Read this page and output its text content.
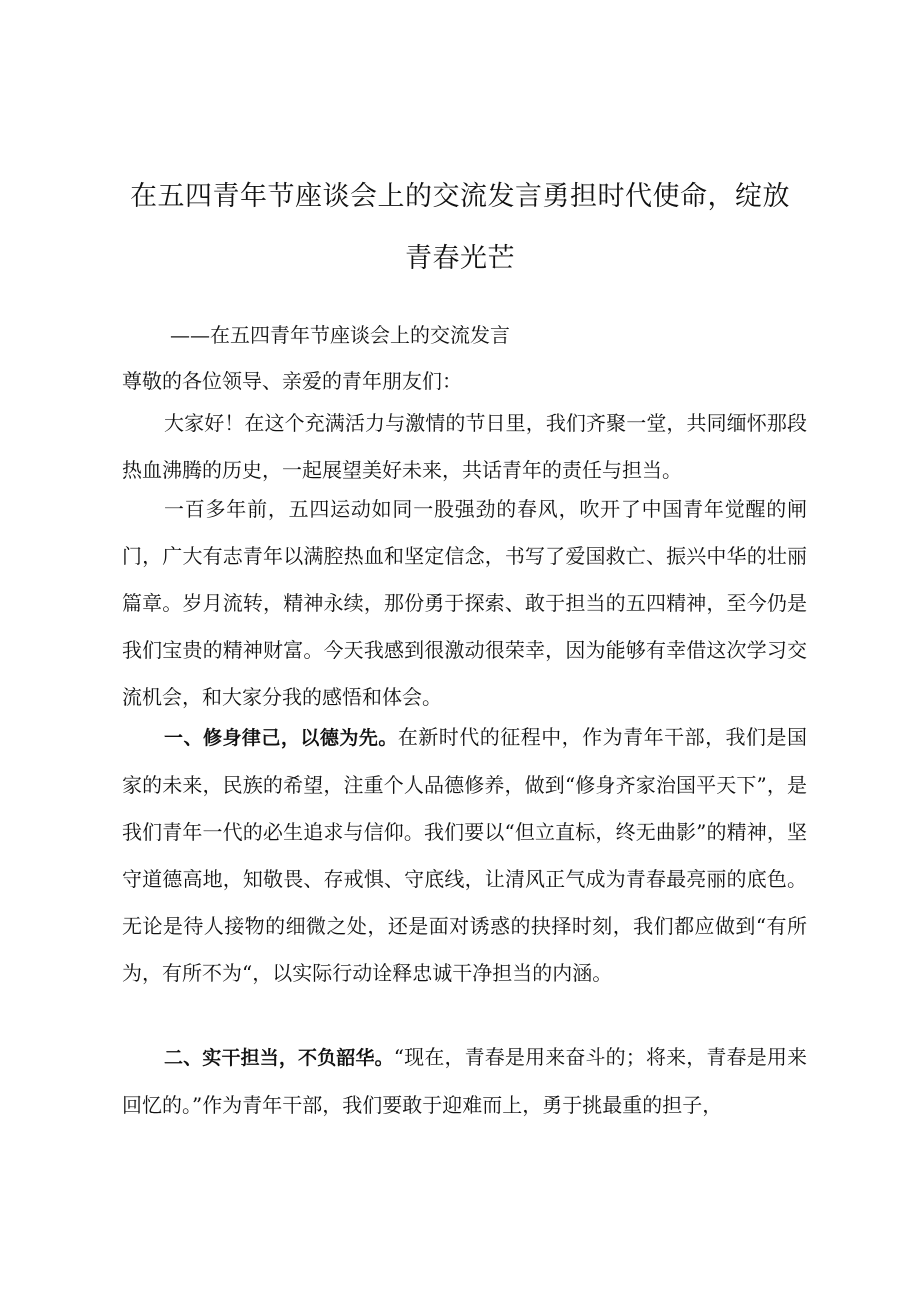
在五四青年节座谈会上的交流发言勇担时代使命，绽放
青春光芒
——在五四青年节座谈会上的交流发言
尊敬的各位领导、亲爱的青年朋友们：

大家好！在这个充满活力与激情的节日里，我们齐聚一堂，共同缅怀那段热血沸腾的历史，一起展望美好未来，共话青年的责任与担当。

一百多年前，五四运动如同一股强劲的春风，吹开了中国青年觉醒的闸门，广大有志青年以满腔热血和坚定信念，书写了爱国救亡、振兴中华的壮丽篇章。岁月流转，精神永续，那份勇于探索、敢于担当的五四精神，至今仍是我们宝贵的精神财富。今天我感到很激动很荣幸，因为能够有幸借这次学习交流机会，和大家分我的感悟和体会。

一、修身律己，以德为先。在新时代的征程中，作为青年干部，我们是国家的未来，民族的希望，注重个人品德修养，做到“修身齐家治国平天下”，是我们青年一代的必生追求与信仰。我们要以“但立直标，终无曲影”的精神，坚守道德高地，知敬畏、存戒惧、守底线，让清风正气成为青春最亮丽的底色。无论是待人接物的细微之处，还是面对诱惑的抉择时刻，我们都应做到“有所为，有所不为“，以实际行动诠释忠诚干净担当的内涵。

二、实干担当，不负韶华。“现在，青春是用来奋斗的；将来，青春是用来回忆的。”作为青年干部，我们要敢于迎难而上，勇于挑最重的担子，
